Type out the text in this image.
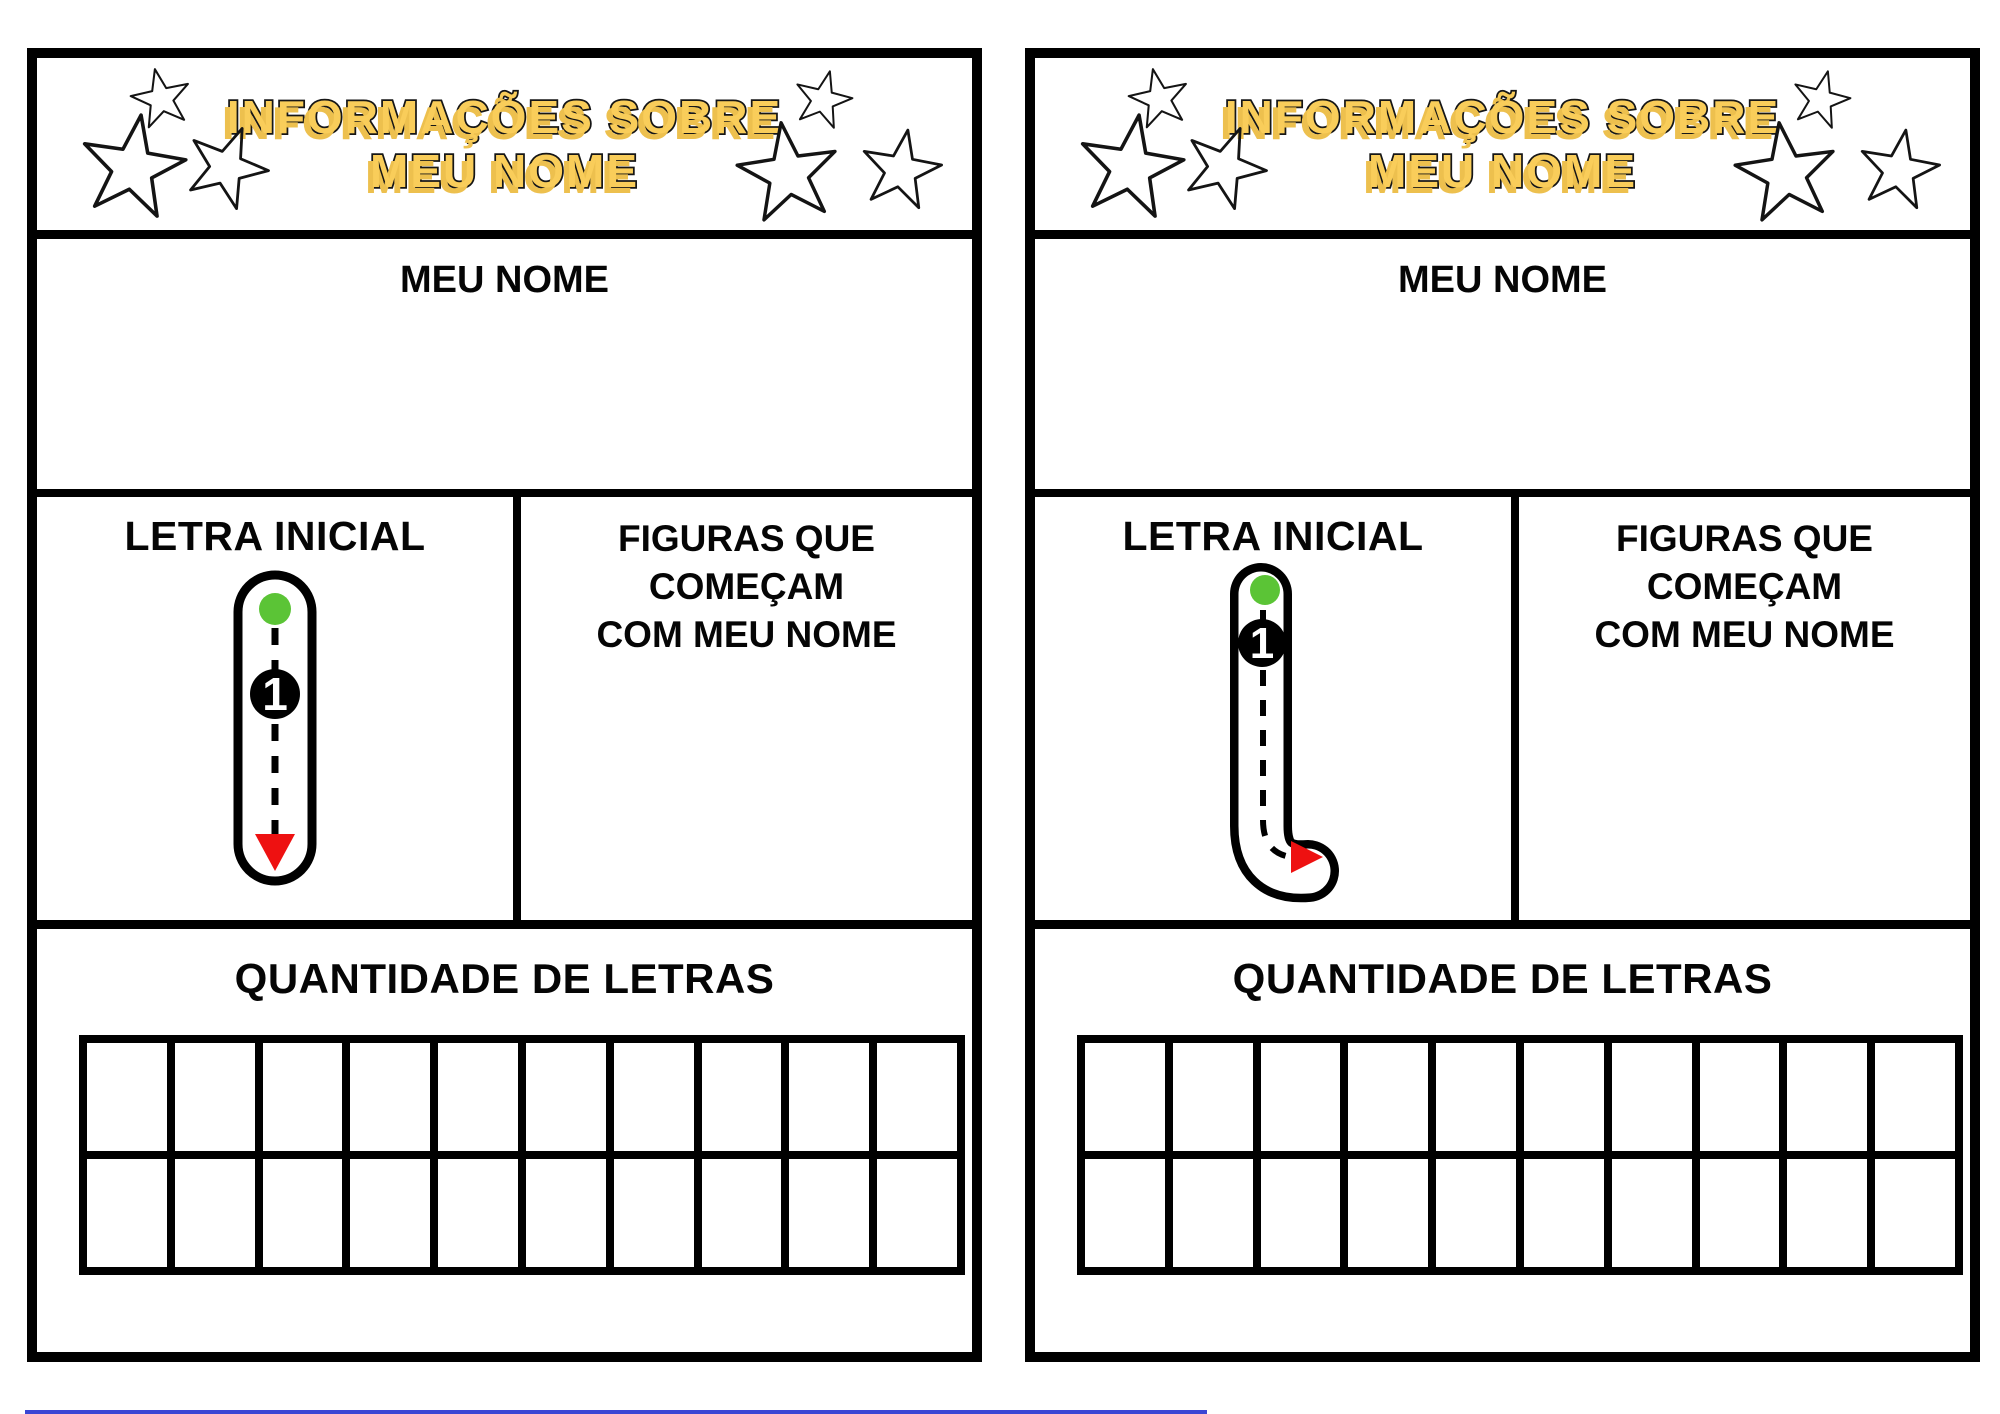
INFORMAÇÕES SOBRE
MEU NOME
MEU NOME
LETRA INICIAL
1
FIGURAS QUE COMEÇAM
COM MEU NOME
QUANTIDADE DE LETRAS
INFORMAÇÕES SOBRE
MEU NOME
MEU NOME
LETRA INICIAL
1
FIGURAS QUE COMEÇAM
COM MEU NOME
QUANTIDADE DE LETRAS
